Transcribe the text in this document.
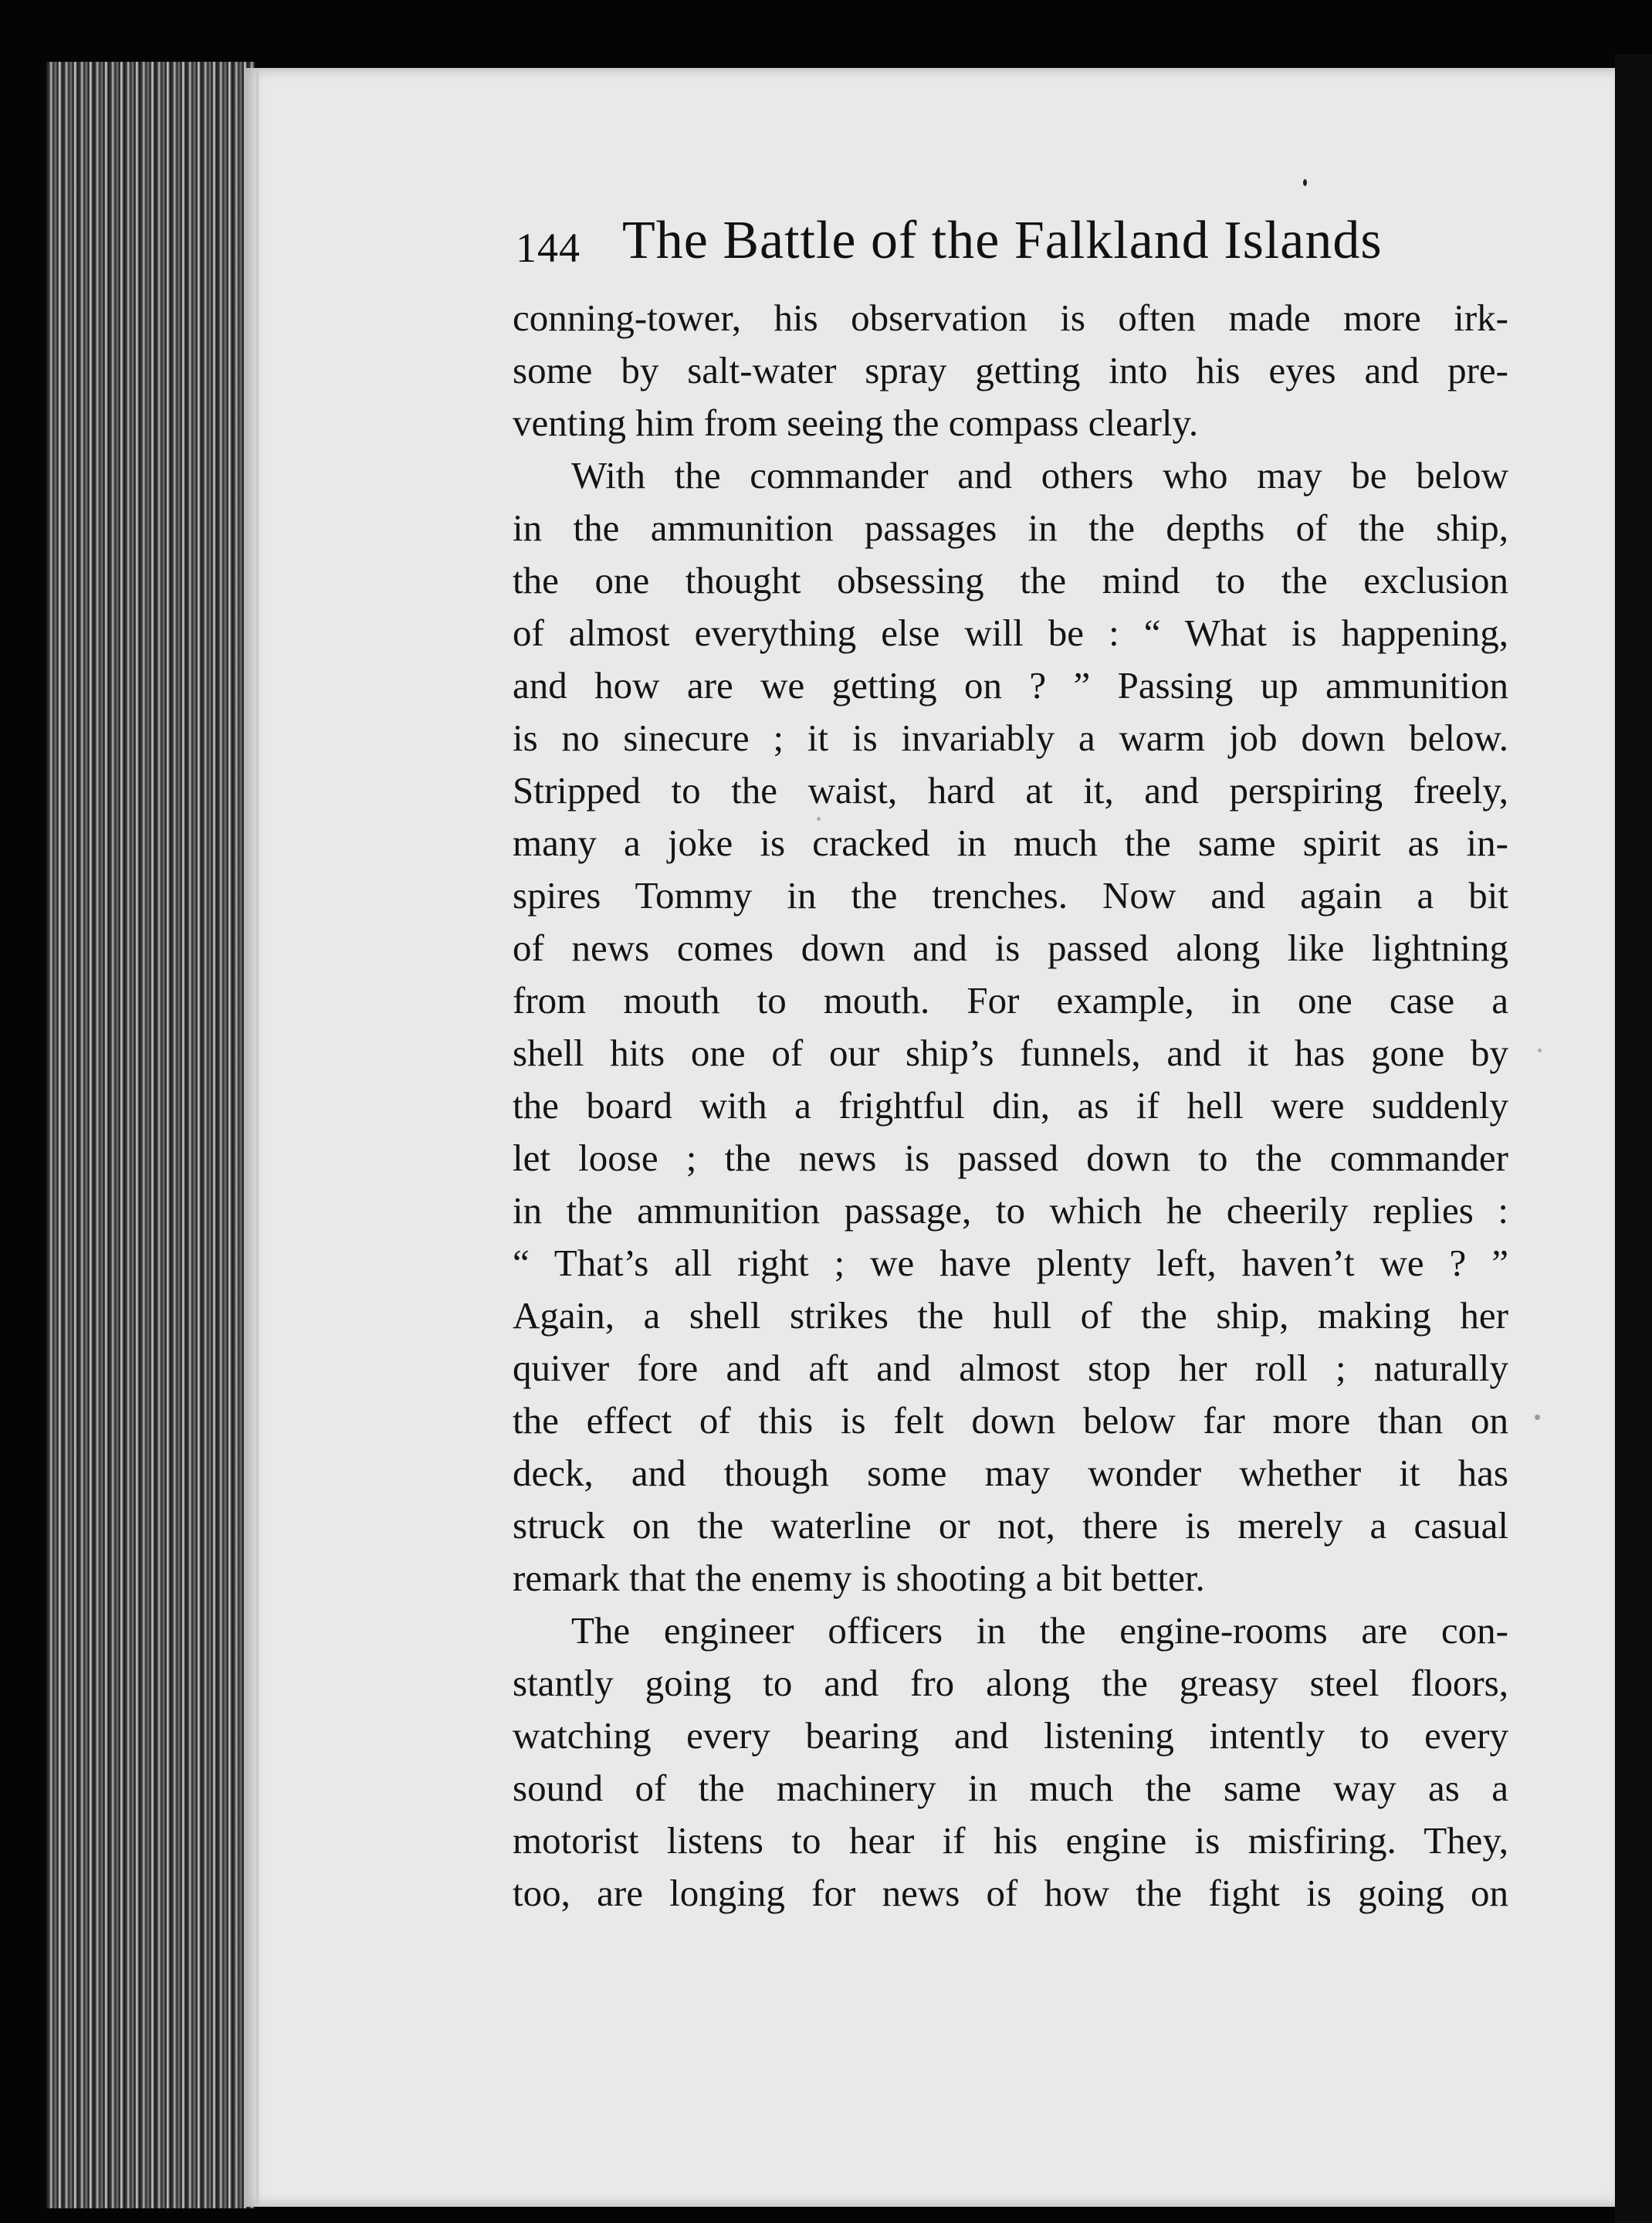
144 The Battle of the Falkland Islands
conning-tower, his observation is often made more irk-
some by salt-water spray getting into his eyes and pre-
venting him from seeing the compass clearly.
With the commander and others who may be below
in the ammunition passages in the depths of the ship,
the one thought obsessing the mind to the exclusion
of almost everything else will be : “ What is happening,
and how are we getting on ? ” Passing up ammunition
is no sinecure ; it is invariably a warm job down below.
Stripped to the waist, hard at it, and perspiring freely,
many a joke is cracked in much the same spirit as in-
spires Tommy in the trenches. Now and again a bit
of news comes down and is passed along like lightning
from mouth to mouth. For example, in one case a
shell hits one of our ship’s funnels, and it has gone by
the board with a frightful din, as if hell were suddenly
let loose ; the news is passed down to the commander
in the ammunition passage, to which he cheerily replies :
“ That’s all right ; we have plenty left, haven’t we ? ”
Again, a shell strikes the hull of the ship, making her
quiver fore and aft and almost stop her roll ; naturally
the effect of this is felt down below far more than on
deck, and though some may wonder whether it has
struck on the waterline or not, there is merely a casual
remark that the enemy is shooting a bit better.
The engineer officers in the engine-rooms are con-
stantly going to and fro along the greasy steel floors,
watching every bearing and listening intently to every
sound of the machinery in much the same way as a
motorist listens to hear if his engine is misfiring. They,
too, are longing for news of how the fight is going on
